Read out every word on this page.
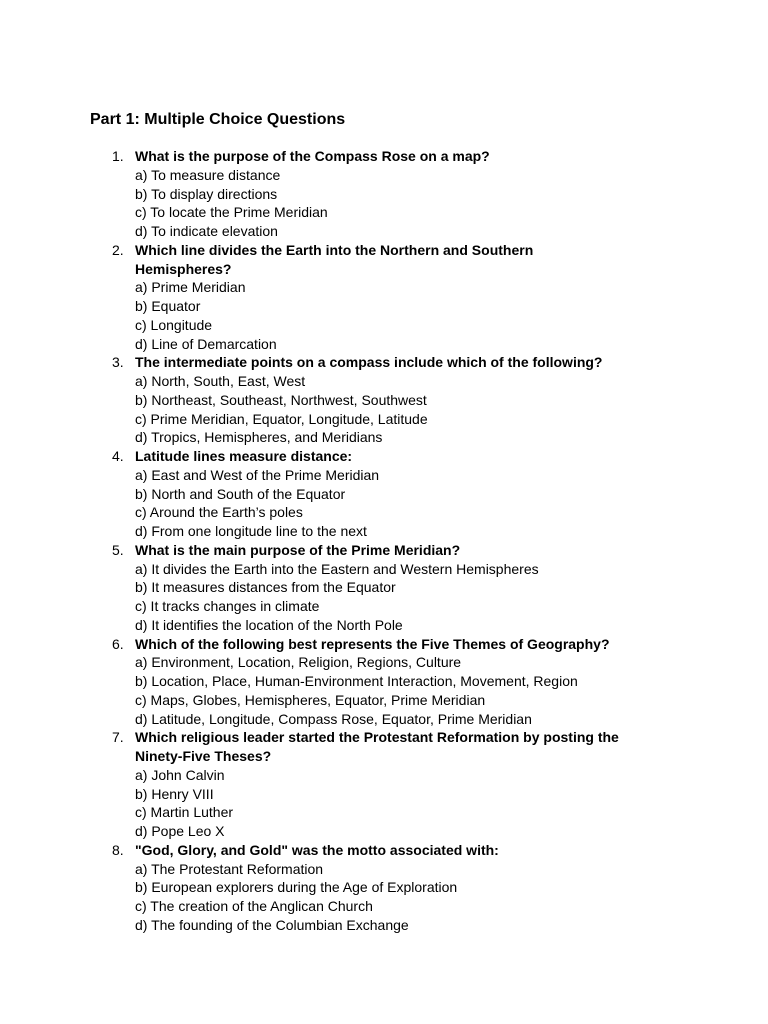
Part 1: Multiple Choice Questions
1. What is the purpose of the Compass Rose on a map?

a) To measure distance
b) To display directions
c) To locate the Prime Meridian
d) To indicate elevation
2. Which line divides the Earth into the Northern and Southern Hemispheres?

a) Prime Meridian
b) Equator
c) Longitude
d) Line of Demarcation
3. The intermediate points on a compass include which of the following?

a) North, South, East, West
b) Northeast, Southeast, Northwest, Southwest
c) Prime Meridian, Equator, Longitude, Latitude
d) Tropics, Hemispheres, and Meridians
4. Latitude lines measure distance:

a) East and West of the Prime Meridian
b) North and South of the Equator
c) Around the Earth’s poles
d) From one longitude line to the next
5. What is the main purpose of the Prime Meridian?

a) It divides the Earth into the Eastern and Western Hemispheres
b) It measures distances from the Equator
c) It tracks changes in climate
d) It identifies the location of the North Pole
6. Which of the following best represents the Five Themes of Geography?

a) Environment, Location, Religion, Regions, Culture
b) Location, Place, Human-Environment Interaction, Movement, Region
c) Maps, Globes, Hemispheres, Equator, Prime Meridian
d) Latitude, Longitude, Compass Rose, Equator, Prime Meridian
7. Which religious leader started the Protestant Reformation by posting the Ninety-Five Theses?

a) John Calvin
b) Henry VIII
c) Martin Luther
d) Pope Leo X
8. "God, Glory, and Gold" was the motto associated with:

a) The Protestant Reformation
b) European explorers during the Age of Exploration
c) The creation of the Anglican Church
d) The founding of the Columbian Exchange
